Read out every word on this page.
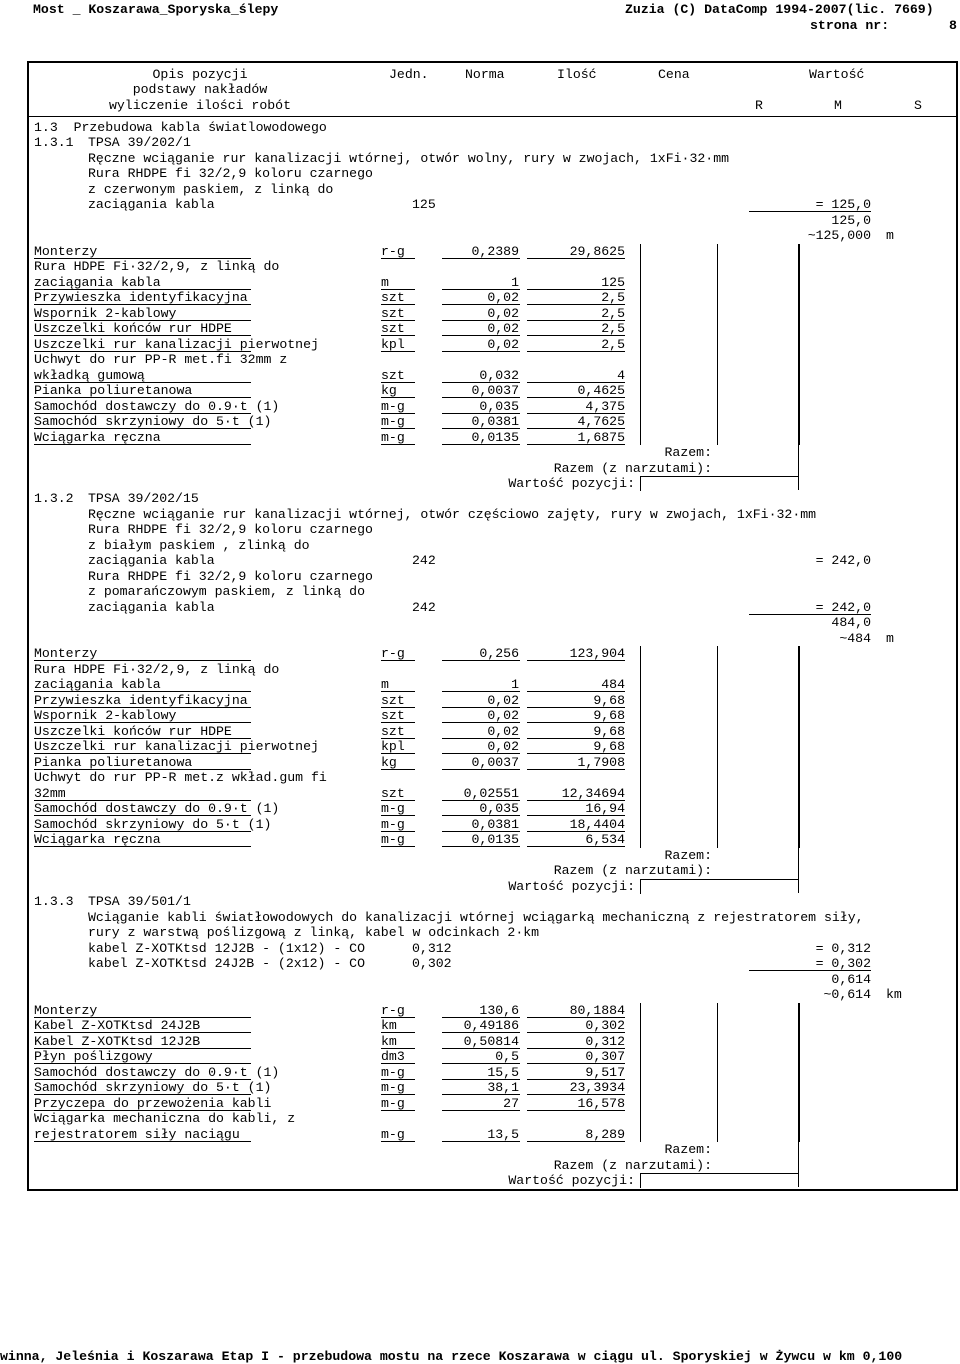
Most _ Koszarawa_Sporyska_ślepy	Zuzia (C) DataComp 1994-2007(lic. 7669)
strona nr:	8
Opis pozycji
podstawy nakładów
wyliczenie ilości robót
Jedn.	Norma	Ilość	Cena	Wartość
R	M	S
1.3  Przebudowa kabla światlowodowego
1.3.1 TPSA 39/202/1
Ręczne wciąganie rur kanalizacji wtórnej, otwór wolny, rury w zwojach, 1xFi·32·mm
Rura RHDPE fi 32/2,9 koloru czarnego
z czerwonym paskiem, z linką do
zaciągania kabla	125	= 125,0
125,0
~125,000 m
Monterzy	r-g	0,2389	29,8625
Rura HDPE Fi·32/2,9, z linką do
zaciągania kabla	m	1	125
Przywieszka identyfikacyjna	szt	0,02	2,5
Wspornik 2-kablowy	szt	0,02	2,5
Uszczelki końców rur HDPE	szt	0,02	2,5
Uszczelki rur kanalizacji pierwotnej	kpl	0,02	2,5
Uchwyt do rur PP-R met.fi 32mm z
wkładką gumową	szt	0,032	4
Pianka poliuretanowa	kg	0,0037	0,4625
Samochód dostawczy do 0.9·t (1)	m-g	0,035	4,375
Samochód skrzyniowy do 5·t (1)	m-g	0,0381	4,7625
Wciągarka ręczna	m-g	0,0135	1,6875
Razem:
Razem (z narzutami):
Wartość pozycji:
1.3.2 TPSA 39/202/15
Ręczne wciąganie rur kanalizacji wtórnej, otwór częściowo zajęty, rury w zwojach, 1xFi·32·mm
Rura RHDPE fi 32/2,9 koloru czarnego
z białym paskiem , zlinką do
zaciągania kabla	242	= 242,0
Rura RHDPE fi 32/2,9 koloru czarnego
z pomarańczowym paskiem, z linką do
zaciągania kabla	242	= 242,0
484,0
~484 m
Monterzy	r-g	0,256	123,904
Rura HDPE Fi·32/2,9, z linką do
zaciągania kabla	m	1	484
Przywieszka identyfikacyjna	szt	0,02	9,68
Wspornik 2-kablowy	szt	0,02	9,68
Uszczelki końców rur HDPE	szt	0,02	9,68
Uszczelki rur kanalizacji pierwotnej	kpl	0,02	9,68
Pianka poliuretanowa	kg	0,0037	1,7908
Uchwyt do rur PP-R met.z wkład.gum fi
32mm	szt	0,02551	12,34694
Samochód dostawczy do 0.9·t (1)	m-g	0,035	16,94
Samochód skrzyniowy do 5·t (1)	m-g	0,0381	18,4404
Wciągarka ręczna	m-g	0,0135	6,534
Razem:
Razem (z narzutami):
Wartość pozycji:
1.3.3 TPSA 39/501/1
Wciąganie kabli światłowodowych do kanalizacji wtórnej wciągarką mechaniczną z rejestratorem siły,
rury z warstwą poślizgową z linką, kabel w odcinkach 2·km
kabel Z-XOTKtsd 12J2B - (1x12) - CO	0,312	= 0,312
kabel Z-XOTKtsd 24J2B - (2x12) - CO	0,302	= 0,302
0,614
~0,614 km
Monterzy	r-g	130,6	80,1884
Kabel Z-XOTKtsd 24J2B	km	0,49186	0,302
Kabel Z-XOTKtsd 12J2B	km	0,50814	0,312
Płyn poślizgowy	dm3	0,5	0,307
Samochód dostawczy do 0.9·t (1)	m-g	15,5	9,517
Samochód skrzyniowy do 5·t (1)	m-g	38,1	23,3934
Przyczepa do przewożenia kabli	m-g	27	16,578
Wciągarka mechaniczna do kabli, z
rejestratorem siły naciągu	m-g	13,5	8,289
Razem:
Razem (z narzutami):
Wartość pozycji:
winna, Jeleśnia i Koszarawa Etap I - przebudowa mostu na rzece Koszarawa w ciągu ul. Sporyskiej w Żywcu w km 0,100
